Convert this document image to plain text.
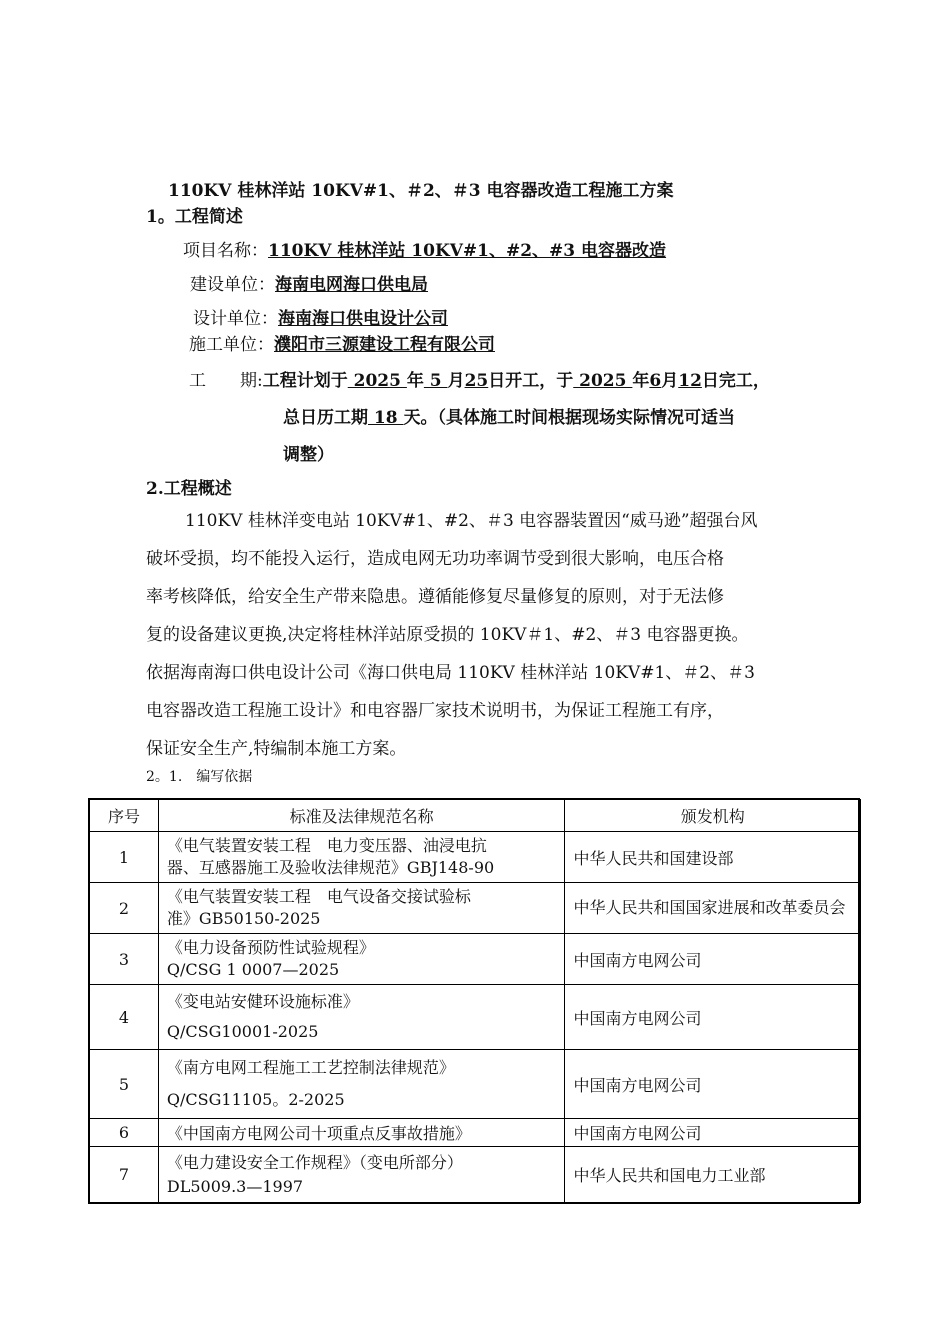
110KV 桂林洋站 10KV#1、＃2、＃3 电容器改造工程施工方案
1。工程简述
项目名称：110KV 桂林洋站 10KV#1、#2、#3 电容器改造
建设单位：海南电网海口供电局
设计单位：海南海口供电设计公司
施工单位：濮阳市三源建设工程有限公司
工　　期:工程计划于 2025 年 5 月25日开工，于 2025 年6月12日完工，
总日历工期 18 天。（具体施工时间根据现场实际情况可适当
调整）
2.工程概述

　110KV 桂林洋变电站 10KV#1、#2、＃3 电容器装置因“威马逊”超强台风

破坏受损，均不能投入运行，造成电网无功功率调节受到很大影响，电压合格

率考核降低，给安全生产带来隐患。遵循能修复尽量修复的原则，对于无法修

复的设备建议更换,决定将桂林洋站原受损的 10KV＃1、#2、＃3 电容器更换。

依据海南海口供电设计公司《海口供电局 110KV 桂林洋站 10KV#1、＃2、＃3

电容器改造工程施工设计》和电容器厂家技术说明书，为保证工程施工有序，

保证安全生产,特编制本施工方案。

2。1.　编写依据
序号	标准及法律规范名称	颁发机构
1	《电气装置安装工程　电力变压器、油浸电抗
器、互感器施工及验收法律规范》GBJ148-90	中华人民共和国建设部
2	《电气装置安装工程　电气设备交接试验标
准》GB50150-2025	中华人民共和国国家进展和改革委员会
3	《电力设备预防性试验规程》
Q/CSG 1 0007—2025	中国南方电网公司
4	《变电站安健环设施标准》
Q/CSG10001-2025	中国南方电网公司
5	《南方电网工程施工工艺控制法律规范》
Q/CSG11105。2-2025	中国南方电网公司
6	《中国南方电网公司十项重点反事故措施》	中国南方电网公司
7	《电力建设安全工作规程》（变电所部分）
DL5009.3—1997	中华人民共和国电力工业部
